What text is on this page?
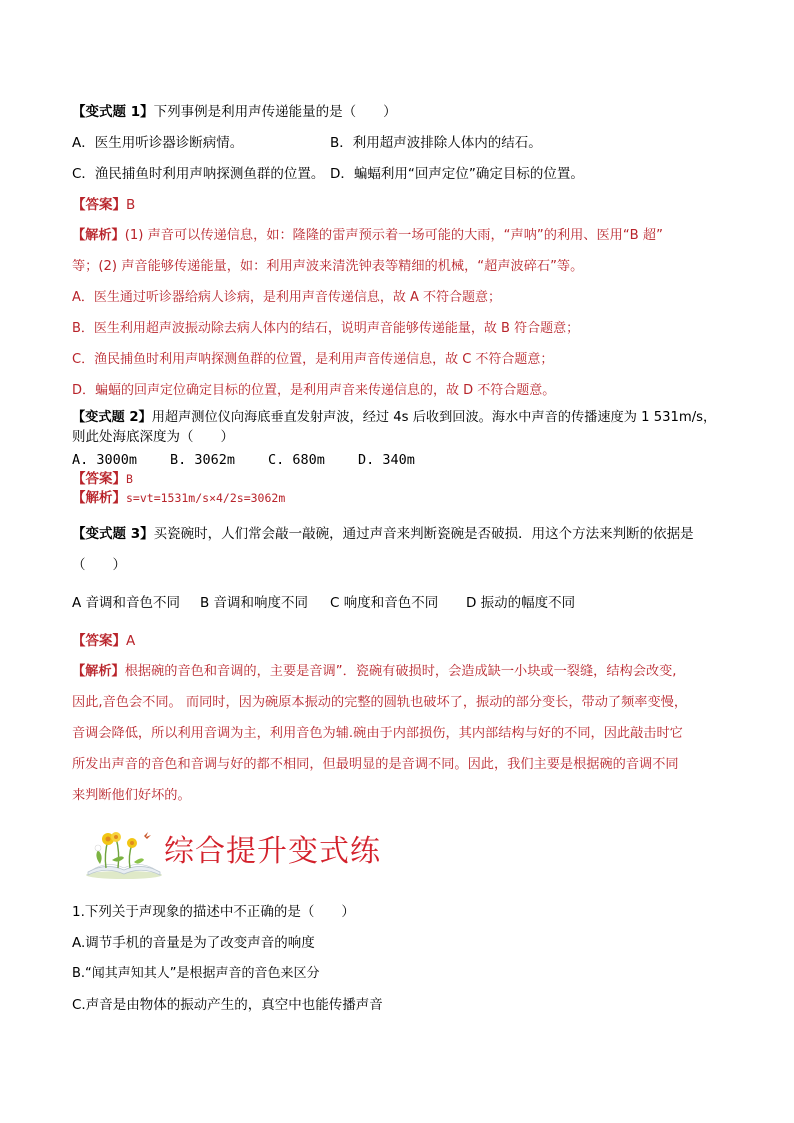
【变式题 1】下列事例是利用声传递能量的是（　　）
A．医生用听诊器诊断病情。	B．利用超声波排除人体内的结石。
C．渔民捕鱼时利用声呐探测鱼群的位置。 D．蝙蝠利用“回声定位”确定目标的位置。
【答案】B
【解析】(1) 声音可以传递信息，如：隆隆的雷声预示着一场可能的大雨，“声呐”的利用、医用“B 超”
等；(2) 声音能够传递能量，如：利用声波来清洗钟表等精细的机械，“超声波碎石”等。
A．医生通过听诊器给病人诊病，是利用声音传递信息，故 A 不符合题意；
B．医生利用超声波振动除去病人体内的结石，说明声音能够传递能量，故 B 符合题意；
C．渔民捕鱼时利用声呐探测鱼群的位置，是利用声音传递信息，故 C 不符合题意；
D．蝙蝠的回声定位确定目标的位置，是利用声音来传递信息的，故 D 不符合题意。
【变式题 2】用超声测位仪向海底垂直发射声波，经过 4s 后收到回波。海水中声音的传播速度为 1 531m/s，
则此处海底深度为（　　）
A. 3000m B. 3062m C. 680m D. 340m
【答案】B
【解析】s=vt=1531m/s×4/2s=3062m
【变式题 3】买瓷碗时，人们常会敲一敲碗，通过声音来判断瓷碗是否破损．用这个方法来判断的依据是
（　　）
A 音调和音色不同 B 音调和响度不同 C 响度和音色不同 D 振动的幅度不同
【答案】A
【解析】根据碗的音色和音调的，主要是音调”．瓷碗有破损时，会造成缺一小块或一裂缝，结构会改变,
因此,音色会不同。 而同时，因为碗原本振动的完整的圆轨也破坏了，振动的部分变长，带动了频率变慢，
音调会降低，所以利用音调为主，利用音色为辅.碗由于内部损伤，其内部结构与好的不同，因此敲击时它
所发出声音的音色和音调与好的都不相同，但最明显的是音调不同。因此，我们主要是根据碗的音调不同
来判断他们好坏的。
综合提升变式练
1.下列关于声现象的描述中不正确的是（　　）
A.调节手机的音量是为了改变声音的响度
B.“闻其声知其人”是根据声音的音色来区分
C.声音是由物体的振动产生的，真空中也能传播声音
